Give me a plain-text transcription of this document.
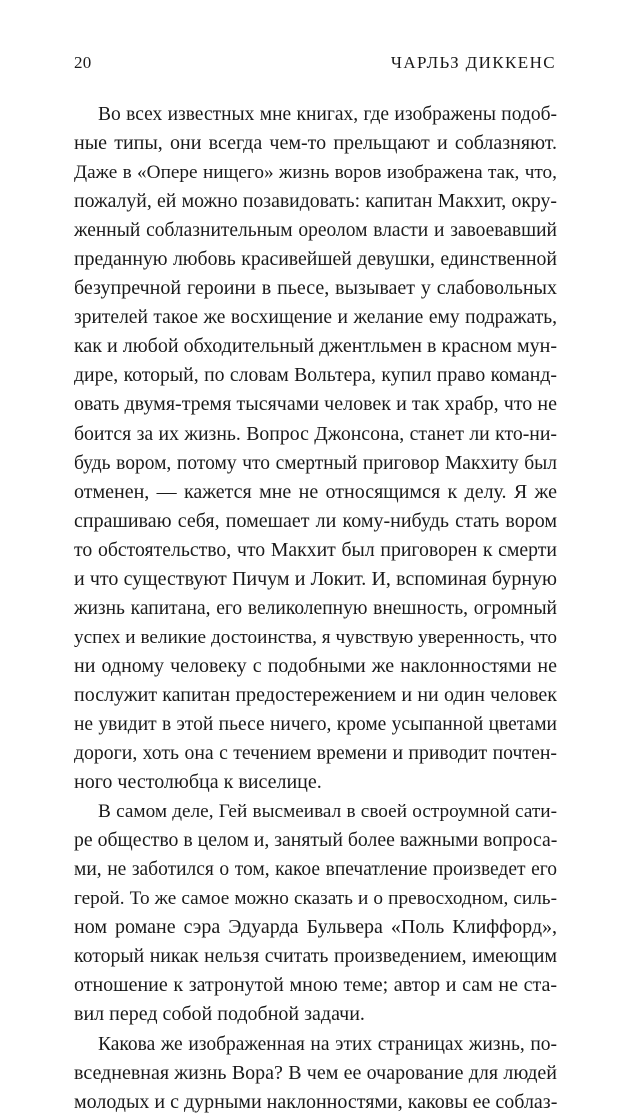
20	ЧАРЛЬЗ ДИККЕНС
Во всех известных мне книгах, где изображены подоб-
ные типы, они всегда чем-то прельщают и соблазняют.
Даже в «Опере нищего» жизнь воров изображена так, что,
пожалуй, ей можно позавидовать: капитан Макхит, окру-
женный соблазнительным ореолом власти и завоевавший
преданную любовь красивейшей девушки, единственной
безупречной героини в пьесе, вызывает у слабовольных
зрителей такое же восхищение и желание ему подражать,
как и любой обходительный джентльмен в красном мун-
дире, который, по словам Вольтера, купил право команд-
овать двумя-тремя тысячами человек и так храбр, что не
боится за их жизнь. Вопрос Джонсона, станет ли кто-ни-
будь вором, потому что смертный приговор Макхиту был
отменен, — кажется мне не относящимся к делу. Я же
спрашиваю себя, помешает ли кому-нибудь стать вором
то обстоятельство, что Макхит был приговорен к смерти
и что существуют Пичум и Локит. И, вспоминая бурную
жизнь капитана, его великолепную внешность, огромный
успех и великие достоинства, я чувствую уверенность, что
ни одному человеку с подобными же наклонностями не
послужит капитан предостережением и ни один человек
не увидит в этой пьесе ничего, кроме усыпанной цветами
дороги, хоть она с течением времени и приводит почтен-
ного честолюбца к виселице.
В самом деле, Гей высмеивал в своей остроумной сати-
ре общество в целом и, занятый более важными вопроса-
ми, не заботился о том, какое впечатление произведет его
герой. То же самое можно сказать и о превосходном, силь-
ном романе сэра Эдуарда Бульвера «Поль Клиффорд»,
который никак нельзя считать произведением, имеющим
отношение к затронутой мною теме; автор и сам не ста-
вил перед собой подобной задачи.
Какова же изображенная на этих страницах жизнь, по-
вседневная жизнь Вора? В чем ее очарование для людей
молодых и с дурными наклонностями, каковы ее соблаз-
